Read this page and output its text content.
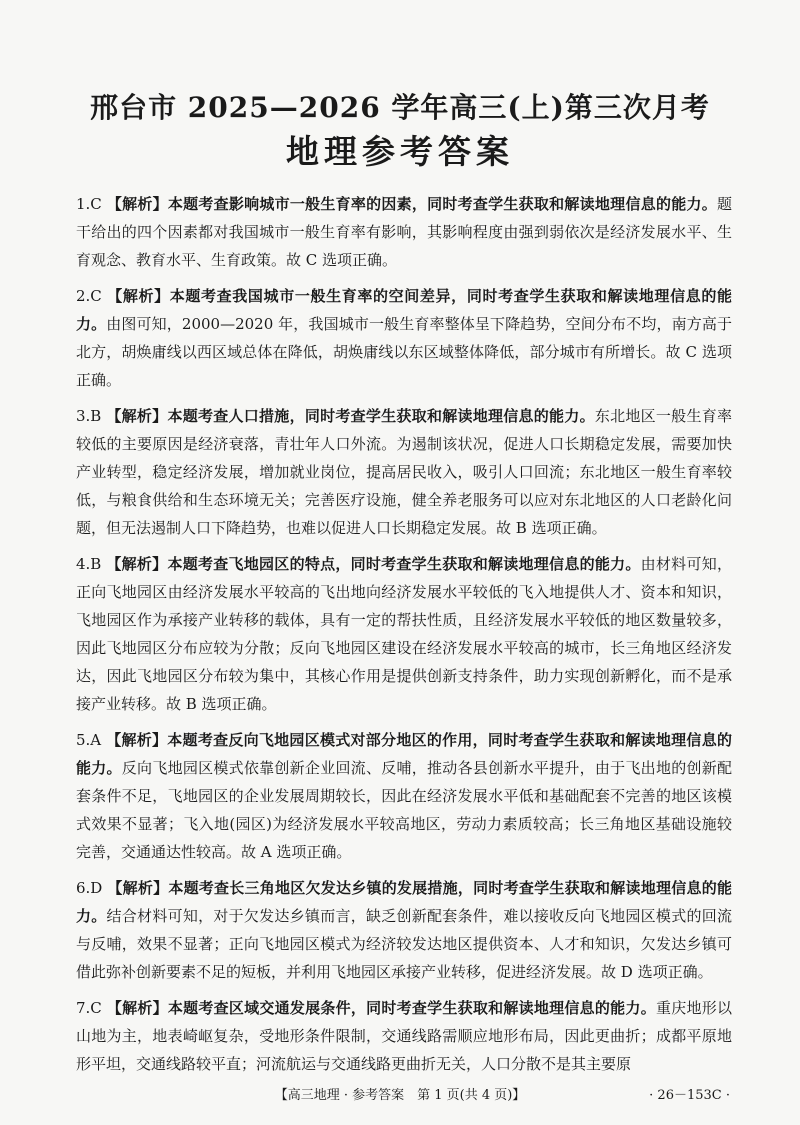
邢台市 2025—2026 学年高三(上)第三次月考
地理参考答案

1.C 【解析】本题考查影响城市一般生育率的因素，同时考查学生获取和解读地理信息的能力。题干给出的四个因素都对我国城市一般生育率有影响，其影响程度由强到弱依次是经济发展水平、生育观念、教育水平、生育政策。故 C 选项正确。

2.C 【解析】本题考查我国城市一般生育率的空间差异，同时考查学生获取和解读地理信息的能力。由图可知，2000—2020 年，我国城市一般生育率整体呈下降趋势，空间分布不均，南方高于北方，胡焕庸线以西区域总体在降低，胡焕庸线以东区域整体降低，部分城市有所增长。故 C 选项正确。

3.B 【解析】本题考查人口措施，同时考查学生获取和解读地理信息的能力。东北地区一般生育率较低的主要原因是经济衰落，青壮年人口外流。为遏制该状况，促进人口长期稳定发展，需要加快产业转型，稳定经济发展，增加就业岗位，提高居民收入，吸引人口回流；东北地区一般生育率较低，与粮食供给和生态环境无关；完善医疗设施，健全养老服务可以应对东北地区的人口老龄化问题，但无法遏制人口下降趋势，也难以促进人口长期稳定发展。故 B 选项正确。

4.B 【解析】本题考查飞地园区的特点，同时考查学生获取和解读地理信息的能力。由材料可知，正向飞地园区由经济发展水平较高的飞出地向经济发展水平较低的飞入地提供人才、资本和知识，飞地园区作为承接产业转移的载体，具有一定的帮扶性质，且经济发展水平较低的地区数量较多，因此飞地园区分布应较为分散；反向飞地园区建设在经济发展水平较高的城市，长三角地区经济发达，因此飞地园区分布较为集中，其核心作用是提供创新支持条件，助力实现创新孵化，而不是承接产业转移。故 B 选项正确。

5.A 【解析】本题考查反向飞地园区模式对部分地区的作用，同时考查学生获取和解读地理信息的能力。反向飞地园区模式依靠创新企业回流、反哺，推动各县创新水平提升，由于飞出地的创新配套条件不足，飞地园区的企业发展周期较长，因此在经济发展水平低和基础配套不完善的地区该模式效果不显著；飞入地(园区)为经济发展水平较高地区，劳动力素质较高；长三角地区基础设施较完善，交通通达性较高。故 A 选项正确。

6.D 【解析】本题考查长三角地区欠发达乡镇的发展措施，同时考查学生获取和解读地理信息的能力。结合材料可知，对于欠发达乡镇而言，缺乏创新配套条件，难以接收反向飞地园区模式的回流与反哺，效果不显著；正向飞地园区模式为经济较发达地区提供资本、人才和知识，欠发达乡镇可借此弥补创新要素不足的短板，并利用飞地园区承接产业转移，促进经济发展。故 D 选项正确。

7.C 【解析】本题考查区域交通发展条件，同时考查学生获取和解读地理信息的能力。重庆地形以山地为主，地表崎岖复杂，受地形条件限制，交通线路需顺应地形布局，因此更曲折；成都平原地形平坦，交通线路较平直；河流航运与交通线路更曲折无关，人口分散不是其主要原

【高三地理 · 参考答案　第 1 页(共 4 页)】	· 26－153C ·
